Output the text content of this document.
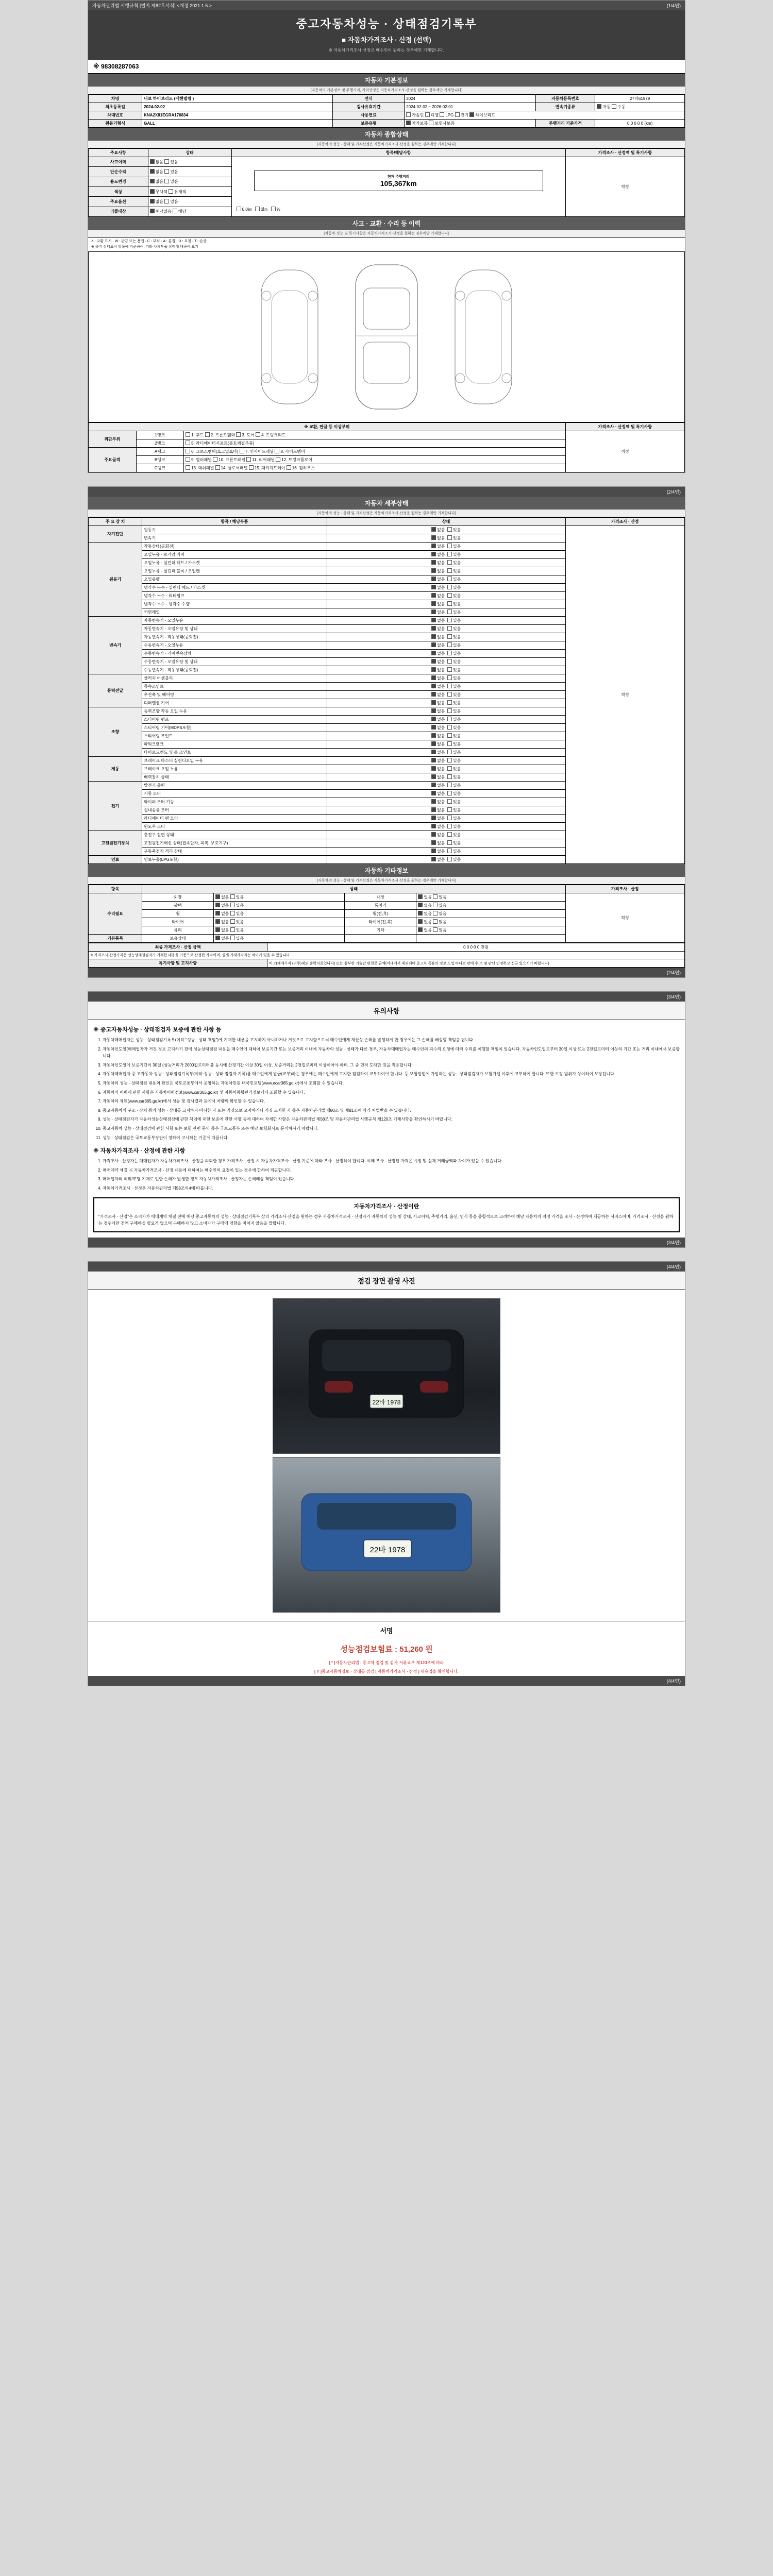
자동차관리법 시행규칙 [별지 제82호서식] <개정 2021.1.5.>	(1/4면)
중고자동차성능 · 상태점검기록부
■ 자동차가격조사 · 산정 (선택)
※ 자동차가격조사·산정은 매수인이 원하는 경우에만 기재합니다.
※ 98308287063
자동차 기본정보
(자동차의 기본정보 및 주행거리, 가격산정은 자동차가격조사·산정을 원하는 경우에만 기재합니다)
차명	니로 하이브리드 (에핸델링 )	연식	2024	자동차등록번호	27바61979
최초등록일	2024-02-02	검사유효기간	2024-02-02 ~ 2026-02-01	변속기종류	자동 수동
차대번호	KNA2X81EGRA176834	사용연료	가솔린 디젤 LPG 전기 하이브리드		
원동기형식	GALL	보증유형	자가보증 보험사보증	주행거리 기준가격	0 0 0 0 0 (km)
자동차 종합상태
(자동차의 성능 · 상태 및 가격산정은 자동차가격조사·산정을 원하는 경우에만 기재합니다)
주요사항	상태	항목/해당사항	가격조사 · 산정액 및 특기사항
사고이력	없음 있음	현재 주행거리
105,367km
0.0㎞   3㎞   %	적정
단순수리	없음 있음		
용도변경	없음 있음		
색상	무채색 유채색		
주요옵션	없음 있음		
리콜대상	해당없음 해당		
사고 · 교환 · 수리 등 이력
(자동차 성능 및 특기사항은 자동차가격조사·산정을 원하는 경우에만 기재합니다)
X : 교환 표시 · W : 판금 또는 용접 · C : 부식 · A : 흠집 · U : 요철 · T : 손상
※ 하기 상태표시 항목에 기준하여, 기타 차체부품 상태에 대하여 표기
※ 교환, 판금 등 이상부위			가격조사 · 산정액 및 특기사항
외판부위	1랭크	1. 후드 2. 프론트휀더 3. 도어 4. 트렁크리드	적정
	2랭크	5. 라디에이터서포트(볼트체결부품)	
주요골격	A랭크	6. 크로스멤버(쇼크업쇼바) 7. 인사이드패널 8. 사이드멤버	
	B랭크	9. 필러패널 10. 프론트패널 11. 리어패널 12. 트렁크플로어	
	C랭크	13. 대쉬패널 14. 플로어패널 15. 패키지트레이 16. 휠하우스	
(2/4면)
자동차 세부상태
(자동차의 성능 · 상태 및 가격산정은 자동차가격조사·산정을 원하는 경우에만 기재합니다)
주 요 장 치	항목 / 해당부품	상태	가격조사 · 산정
자기진단	원동기	없음  있음	적정
	변속기	없음  있음	
원동기	작동상태(공회전)	없음  있음	
	오일누유 - 로커암 커버	없음  있음	
	오일누유 - 실린더 헤드 / 가스켓	없음  있음	
	오일누유 - 실린더 블록 / 오일팬	없음  있음	
	오일유량	없음  있음	
	냉각수 누수 - 실린더 헤드 / 가스켓	없음  있음	
	냉각수 누수 - 워터펌프	없음  있음	
	냉각수 누수 - 냉각수 수량	없음  있음	
	커먼레일	없음  있음	
변속기	자동변속기 - 오일누유	없음  있음	
	자동변속기 - 오일유량 및 상태	없음  있음	
	자동변속기 - 작동상태(공회전)	없음  있음	
	수동변속기 - 오일누유	없음  있음	
	수동변속기 - 기어변속장치	없음  있음	
	수동변속기 - 오일유량 및 상태	없음  있음	
	수동변속기 - 작동상태(공회전)	없음  있음	
동력전달	클러치 어셈블리	없음  있음	
	등속조인트	없음  있음	
	추진축 및 베어링	없음  있음	
	디퍼렌셜 기어	없음  있음	
조향	동력조향 작동 오일 누유	없음  있음	
	스티어링 펌프	없음  있음	
	스티어링 기어(MDPS포함)	없음  있음	
	스티어링 조인트	없음  있음	
	파워크랭크	없음  있음	
	타이로드엔드 및 볼 조인트	없음  있음	
제동	브레이크 마스터 실린더오일 누유	없음  있음	
	브레이크 오일 누유	없음  있음	
	배력장치 상태	없음  있음	
전기	발전기 출력	없음  있음	
	시동 모터	없음  있음	
	와이퍼 모터 기능	없음  있음	
	실내송풍 모터	없음  있음	
	라디에이터 팬 모터	없음  있음	
	윈도우 모터	없음  있음	
고전원전기장치	충전구 절연 상태	없음  있음	
	고전원전기배선 상태(접속단자, 피복, 보호기구)	없음  있음	
	구동축전지 격리 상태	없음  있음	
연료	연료누출(LPG포함)	없음  있음	
자동차 기타정보
(자동차의 성능 · 상태 및 가격산정은 자동차가격조사·산정을 원하는 경우에만 기재합니다)
항목	상태				가격조사 · 산정
수리필요	외장	없음 있음	내장	없음 있음	적정
	광택	없음 있음	룸미러	없음 있음	
	휠	없음 있음	휠(전,후)	없음 있음	
	타이어	없음 있음	타이어(전,후)	없음 있음	
	유리	없음 있음	기타	없음 있음	
기본품목	보유상태	없음 있음			
최종 가격조사 · 산정 금액	0 0 0 0 0 만원
※ 가격조사·산정가격은 성능상태점검자가 기재한 내용을 기준으로 산정한 가격이며, 실제 거래가격과는 차이가 있을 수 있습니다.	
특기사항 및 고지사항	비고(매매가격 (의무)제외 출력자료입니다) 또는 첨부한 기술판 판결문 금액(이내에서 제외되며 중고차 특유의 정보 도입 바나르 판매 수 조 및 판단 인정하고 신규 있으시기 바랍니다)
(2/4면)
(3/4면)
유의사항
※ 중고자동차성능 · 상태점검자 보증에 관한 사항 등
1. 자동차매매업자는 성능 · 상태점검기록부(이하 "성능 · 상태 책임")에 기재한 내용을 고지하지 아니하거나 거짓으로 고지함으로써 매수인에게 재산상 손해를 발생하게 한 경우에는 그 손해를 배상할 책임을 집니다.
2. 자동차인도일(매매업자가 거짓 정보 고지하기 전에 성능상태점검 내용을 매수인에 대하여 보증기간 또는 보증거리 이내에 자동차의 성능 · 상태가 다른 경우, 자동차매매업자는 매수인의 피수리 요청에 따라 수리를 이행할 책임이 있습니다. 자동차인도일로부터 30일 이상 또는 2천킬로미터 이상의 기간 또는 거리 이내에서 보증합니다.
3. 자동차인도일에 보증기간이 30일 (성능거리가 2000킬로미터를 동시에 산정기간 이상 30일 이상, 보증거리는 2천킬로미터 이상이어야 하며, 그 중 먼저 도래한 것을 적용합니다.
4. 자동차매매업자 중 고자동차 성능 · 상태점검기록부(이하 성능 · 상태 점검자 기록)를 매수인에게 발급(교부)하는 경우에는 매수인에게 고지한 점검하여 교부하여야 합니다. 등 보험업법에 가입하는 성능 · 상태점검자가 보험가입 이후에 교부하여 합니다. 또한 보장 범위가 상이하여 보장됩니다.
5. 자동차의 성능 · 상태점검 내용의 확인은 국토교통부에서 운영하는 자동차민원 대국민포털(www.ecar365.go.kr)에서 조회할 수 있습니다.
6. 자동차의 이력에 관한 사항은 자동차이력정보(www.car365.go.kr) 및 자동차종합관리정보에서 조회할 수 있습니다.
7. 자동차의 제원(www.car365.go.kr)에서 성능 및 검사결과 등에서 차량의 확인할 수 있습니다.
8. 중고자동차의 구조 · 장치 등의 성능 · 상태를 고지하지 아니한 자 또는 거짓으로 고지하거나 거짓 고지한 자 등은 자동차관리법 제80조 및 제81조에 따라 처벌받을 수 있습니다.
9. 성능 · 상태점검자가 자동차성능상태점검에 관한 책임에 대한 보증에 관한 사항 등에 대하여 자세한 사항은 자동차관리법 제58조 및 자동차관리법 시행규칙 제120조 기재사항을 확인하시기 바랍니다.
10. 중고자동차 성능 · 상태점검에 관한 사항 또는 보험 관련 문의 등은 국토교통부 또는 해당 보험회사로 문의하시기 바랍니다.
11. 성능 · 상태점검은 국토교통부장관이 정하여 고시하는 기준에 따릅니다.
※ 자동차가격조사 · 산정에 관한 사항
1. 가격조사 · 산정자는 매매업자가 자동차가격조사 · 산정을 의뢰한 경우 가격조사 · 산정 시 자동차가격조사 · 산정 기준에 따라 조사 · 산정하여 합니다. 이때 조사 · 산정된 가격은 시장 및 실제 거래금액과 차이가 있을 수 있습니다.
2. 매매계약 체결 시 자동차가격조사 · 산정 내용에 대하여는 매수인의 요청이 있는 경우에 한하여 제공합니다.
3. 매매업자의 허위/부당 기재로 인한 손해가 발생한 경우 자동차가격조사 · 산정자는 손해배상 책임이 있습니다.
4. 자동차가격조사 · 산정은 자동차관리법 제58조의4에 따릅니다.
자동차가격조사 · 산정이란
"가격조사 · 산정"은 소비자가 매매계약 체결 전에 해당 중고자동차의 성능 · 상태점검기록부 상의 가격조사·산정을 원하는 경우 자동차가격조사 · 산정자가 자동차의 성능 및 상태, 사고이력, 주행거리, 옵션, 연식 등을 종합적으로 고려하여 해당 자동차의 적정 가격을 조사 · 산정하여 제공하는 서비스이며, 가격조사 · 산정을 원하는 경우에만 전액 구매하실 필요가 없으며 구매하지 않고 소비자가 구매에 영향을 미치지 않음을 말합니다.
(3/4면)
(4/4면)
점검 장면 촬영 사진
22바 1978
22바 1978
서명
성능점검보험료 : 51,260 원
[ * ]자동차관리법 : 중고차 점검 및 검사 서류교부 제120조에 따라
[ Y ]중고자동차정보 · 상태를 점검 [ 자동차가격조사 · 산정 ] 내용입을 확인합니다.
(4/4면)
